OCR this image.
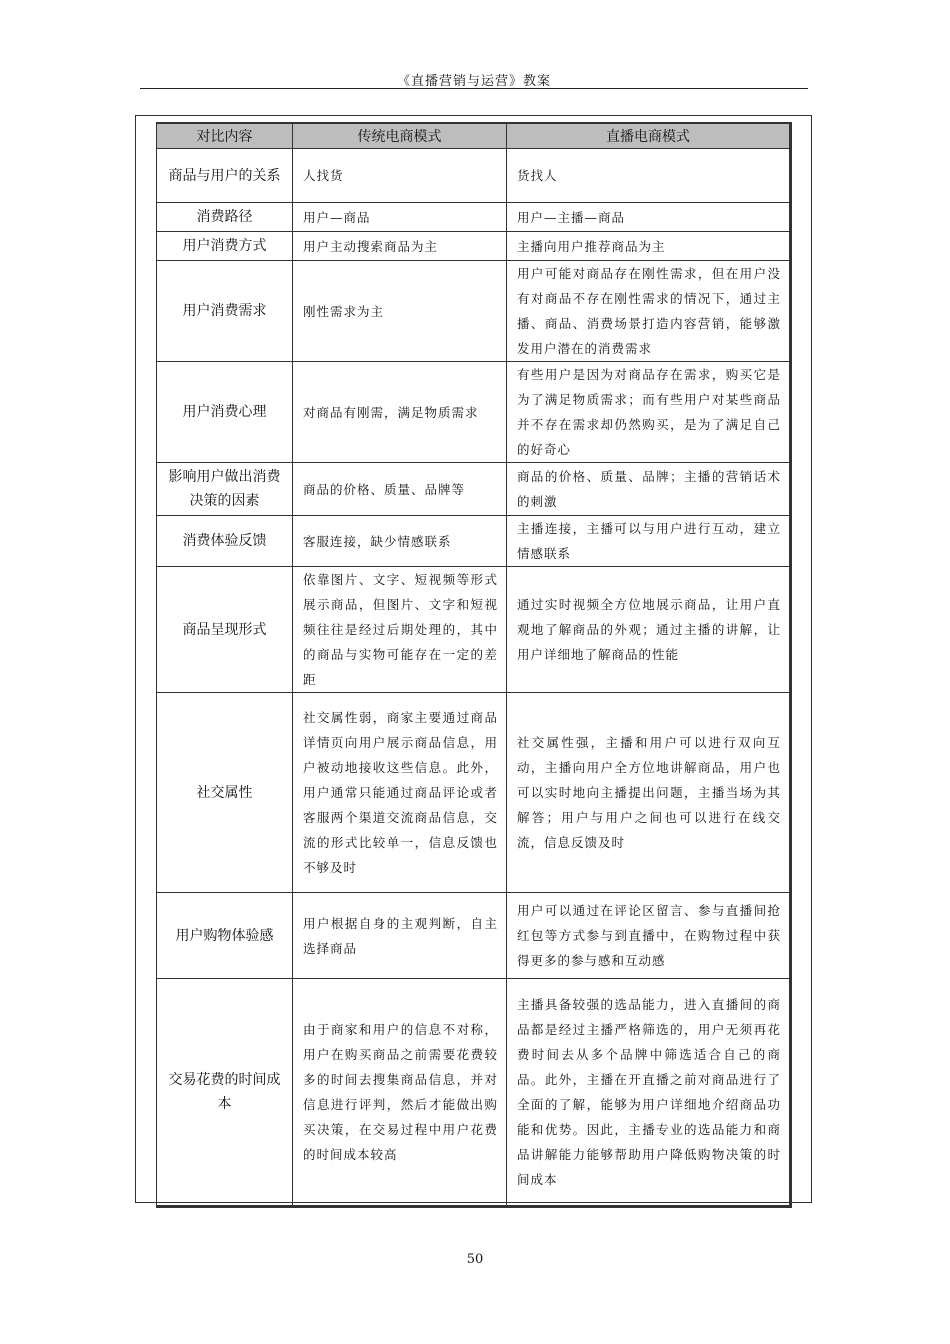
《直播营销与运营》教案
对比内容	传统电商模式	直播电商模式
商品与用户的关系	人找货	货找人
消费路径	用户—商品	用户—主播—商品
用户消费方式	用户主动搜索商品为主	主播向用户推荐商品为主
用户消费需求	刚性需求为主	用户可能对商品存在刚性需求，但在用户没有对商品不存在刚性需求的情况下，通过主播、商品、消费场景打造内容营销，能够激发用户潜在的消费需求
用户消费心理	对商品有刚需，满足物质需求	有些用户是因为对商品存在需求，购买它是为了满足物质需求；而有些用户对某些商品并不存在需求却仍然购买，是为了满足自己的好奇心
影响用户做出消费决策的因素	商品的价格、质量、品牌等	商品的价格、质量、品牌；主播的营销话术的刺激
消费体验反馈	客服连接，缺少情感联系	主播连接，主播可以与用户进行互动，建立情感联系
商品呈现形式	依靠图片、文字、短视频等形式展示商品，但图片、文字和短视频往往是经过后期处理的，其中的商品与实物可能存在一定的差距	通过实时视频全方位地展示商品，让用户直观地了解商品的外观；通过主播的讲解，让用户详细地了解商品的性能
社交属性	社交属性弱，商家主要通过商品详情页向用户展示商品信息，用户被动地接收这些信息。此外，用户通常只能通过商品评论或者客服两个渠道交流商品信息，交流的形式比较单一，信息反馈也不够及时	社交属性强，主播和用户可以进行双向互动，主播向用户全方位地讲解商品，用户也可以实时地向主播提出问题，主播当场为其解答；用户与用户之间也可以进行在线交流，信息反馈及时
用户购物体验感	用户根据自身的主观判断，自主选择商品	用户可以通过在评论区留言、参与直播间抢红包等方式参与到直播中，在购物过程中获得更多的参与感和互动感
交易花费的时间成本	由于商家和用户的信息不对称，用户在购买商品之前需要花费较多的时间去搜集商品信息，并对信息进行评判，然后才能做出购买决策，在交易过程中用户花费的时间成本较高	主播具备较强的选品能力，进入直播间的商品都是经过主播严格筛选的，用户无须再花费时间去从多个品牌中筛选适合自己的商品。此外，主播在开直播之前对商品进行了全面的了解，能够为用户详细地介绍商品功能和优势。因此，主播专业的选品能力和商品讲解能力能够帮助用户降低购物决策的时间成本
50
